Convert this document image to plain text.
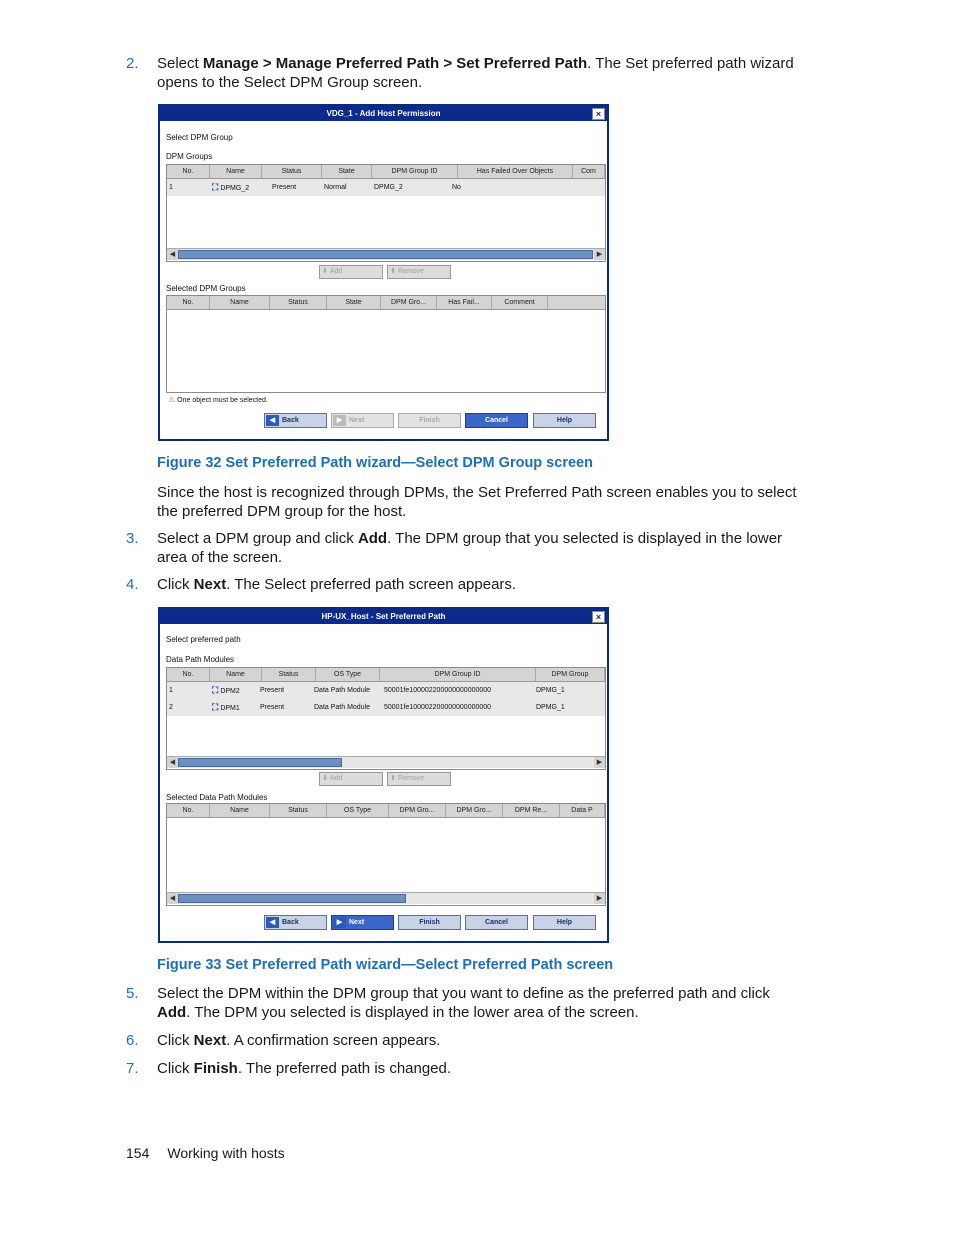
2. Select Manage > Manage Preferred Path > Set Preferred Path. The Set preferred path wizard opens to the Select DPM Group screen.
VDG_1 - Add Host Permission	×
Select DPM Group
DPM Groups
No.	Name	Status	State	DPM Group ID	Has Failed Over Objects	Com
1	⛶ DPMG_2	Present	Normal	DPMG_2	No
◀	▶
⬇ Add	⬆ Remove
Selected DPM Groups
No.	Name	Status	State	DPM Gro...	Has Fail...	Comment
⚠ One object must be selected.
◀ Back	▶ Next	Finish	Cancel	Help
Figure 32 Set Preferred Path wizard—Select DPM Group screen
Since the host is recognized through DPMs, the Set Preferred Path screen enables you to select the preferred DPM group for the host.
3. Select a DPM group and click Add. The DPM group that you selected is displayed in the lower area of the screen.
4. Click Next. The Select preferred path screen appears.
HP-UX_Host - Set Preferred Path	×
Select preferred path
Data Path Modules
No.	Name	Status	OS Type	DPM Group ID	DPM Group
1	⛶ DPM2	Present	Data Path Module	50001fe100002200000000000000	DPMG_1
2	⛶ DPM1	Present	Data Path Module	50001fe100002200000000000000	DPMG_1
◀	▶
⬇ Add	⬆ Remove
Selected Data Path Modules
No.	Name	Status	OS Type	DPM Gro...	DPM Gro...	DPM Re...	Data P
◀	▶
◀ Back	▶ Next	Finish	Cancel	Help
Figure 33 Set Preferred Path wizard—Select Preferred Path screen
5. Select the DPM within the DPM group that you want to define as the preferred path and click Add. The DPM you selected is displayed in the lower area of the screen.
6. Click Next. A confirmation screen appears.
7. Click Finish. The preferred path is changed.
154 Working with hosts
